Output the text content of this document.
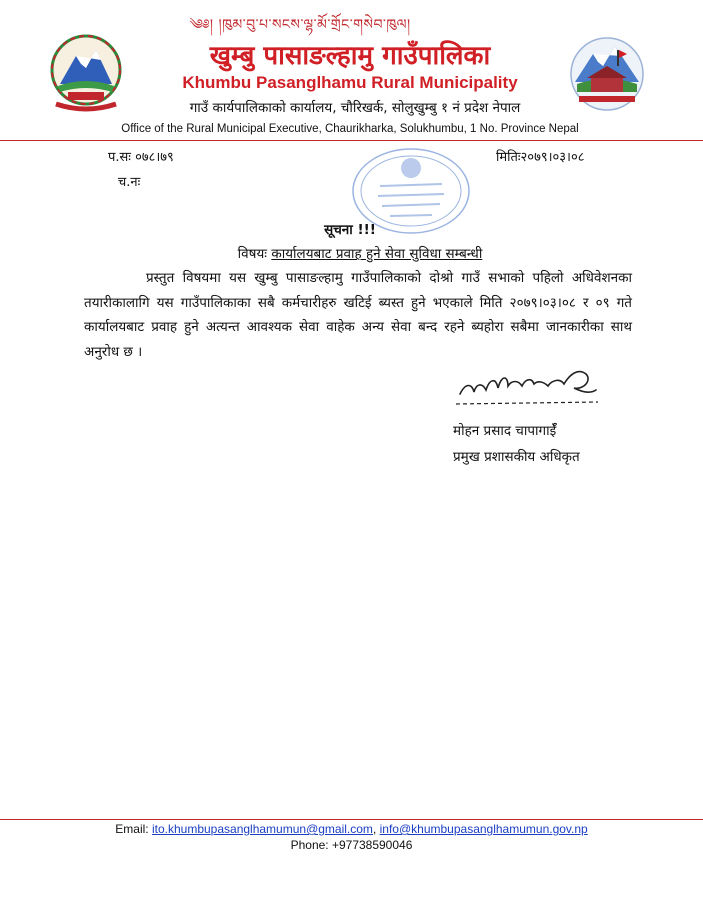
༄༅། །ཁུམ་བུ་པ་སངས་ལྷ་མོ་གྲོང་གསེབ་ཁུལ།
खुम्बु पासाङल्हामु गाउँपालिका
Khumbu Pasanglhamu Rural Municipality
गाउँ कार्यपालिकाको कार्यालय, चौरिखर्क, सोलुखुम्बु १ नं प्रदेश नेपाल
Office of the Rural Municipal Executive, Chaurikharka, Solukhumbu, 1 No. Province Nepal
प.सः ०७८।७९	मितिः२०७९।०३।०८
च.नः
सूचना !!!
विषयः कार्यालयबाट प्रवाह हुने सेवा सुविधा सम्बन्धी
प्रस्तुत विषयमा यस खुम्बु पासाङल्हामु गाउँपालिकाको दोश्रो गाउँ सभाको पहिलो अधिवेशनका तयारीकालागि यस गाउँपालिकाका सबै कर्मचारीहरु खटिई ब्यस्त हुने भएकाले मिति २०७९।०३।०८ र ०९ गते कार्यालयबाट प्रवाह हुने अत्यन्त आवश्यक सेवा वाहेक अन्य सेवा बन्द रहने ब्यहोरा सबैमा जानकारीका साथ अनुरोध छ ।
मोहन प्रसाद चापागाईँ
प्रमुख प्रशासकीय अधिकृत
Email: ito.khumbupasanglhamumun@gmail.com, info@khumbupasanglhamumun.gov.np
Phone: +97738590046
